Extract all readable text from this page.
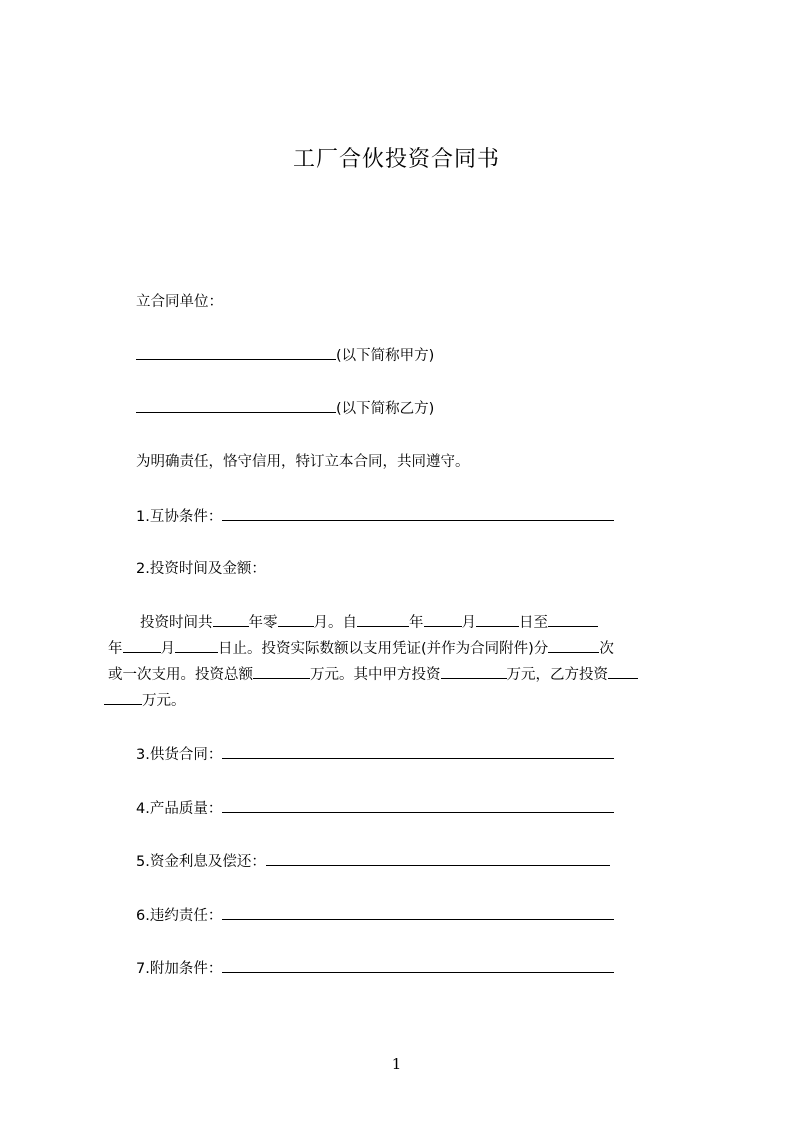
工厂合伙投资合同书
立合同单位：
(以下简称甲方)
(以下简称乙方)
为明确责任，恪守信用，特订立本合同，共同遵守。
1.互协条件：
2.投资时间及金额：
投资时间共 年零 月。自	年	月	日至
年	月	日止。投资实际数额以支用凭证(并作为合同附件)分	次
或一次支用。投资总额	万元。其中甲方投资	万元，乙方投资
万元。
3.供货合同：
4.产品质量：
5.资金利息及偿还：
6.违约责任：
7.附加条件：
1
